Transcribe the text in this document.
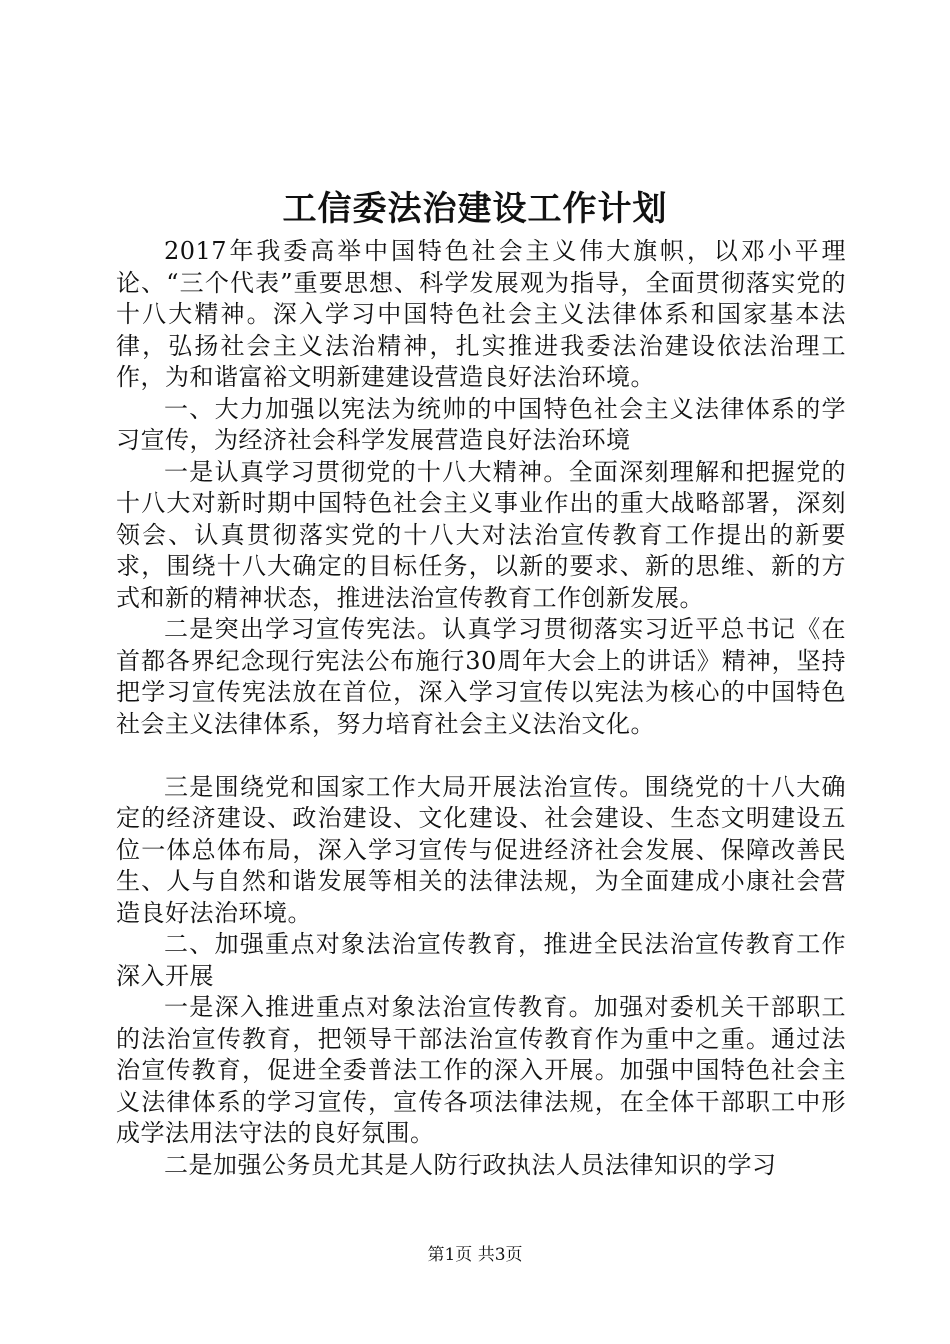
工信委法治建设工作计划

2017年我委高举中国特色社会主义伟大旗帜，以邓小平理论、“三个代表”重要思想、科学发展观为指导，全面贯彻落实党的十八大精神。深入学习中国特色社会主义法律体系和国家基本法律，弘扬社会主义法治精神，扎实推进我委法治建设依法治理工作，为和谐富裕文明新建建设营造良好法治环境。

一、大力加强以宪法为统帅的中国特色社会主义法律体系的学习宣传，为经济社会科学发展营造良好法治环境

一是认真学习贯彻党的十八大精神。全面深刻理解和把握党的十八大对新时期中国特色社会主义事业作出的重大战略部署，深刻领会、认真贯彻落实党的十八大对法治宣传教育工作提出的新要求，围绕十八大确定的目标任务，以新的要求、新的思维、新的方式和新的精神状态，推进法治宣传教育工作创新发展。

二是突出学习宣传宪法。认真学习贯彻落实习近平总书记《在首都各界纪念现行宪法公布施行30周年大会上的讲话》精神，坚持把学习宣传宪法放在首位，深入学习宣传以宪法为核心的中国特色社会主义法律体系，努力培育社会主义法治文化。

三是围绕党和国家工作大局开展法治宣传。围绕党的十八大确定的经济建设、政治建设、文化建设、社会建设、生态文明建设五位一体总体布局，深入学习宣传与促进经济社会发展、保障改善民生、人与自然和谐发展等相关的法律法规，为全面建成小康社会营造良好法治环境。

二、加强重点对象法治宣传教育，推进全民法治宣传教育工作深入开展

一是深入推进重点对象法治宣传教育。加强对委机关干部职工的法治宣传教育，把领导干部法治宣传教育作为重中之重。通过法治宣传教育，促进全委普法工作的深入开展。加强中国特色社会主义法律体系的学习宣传，宣传各项法律法规，在全体干部职工中形成学法用法守法的良好氛围。

二是加强公务员尤其是人防行政执法人员法律知识的学习

第1页 共3页
